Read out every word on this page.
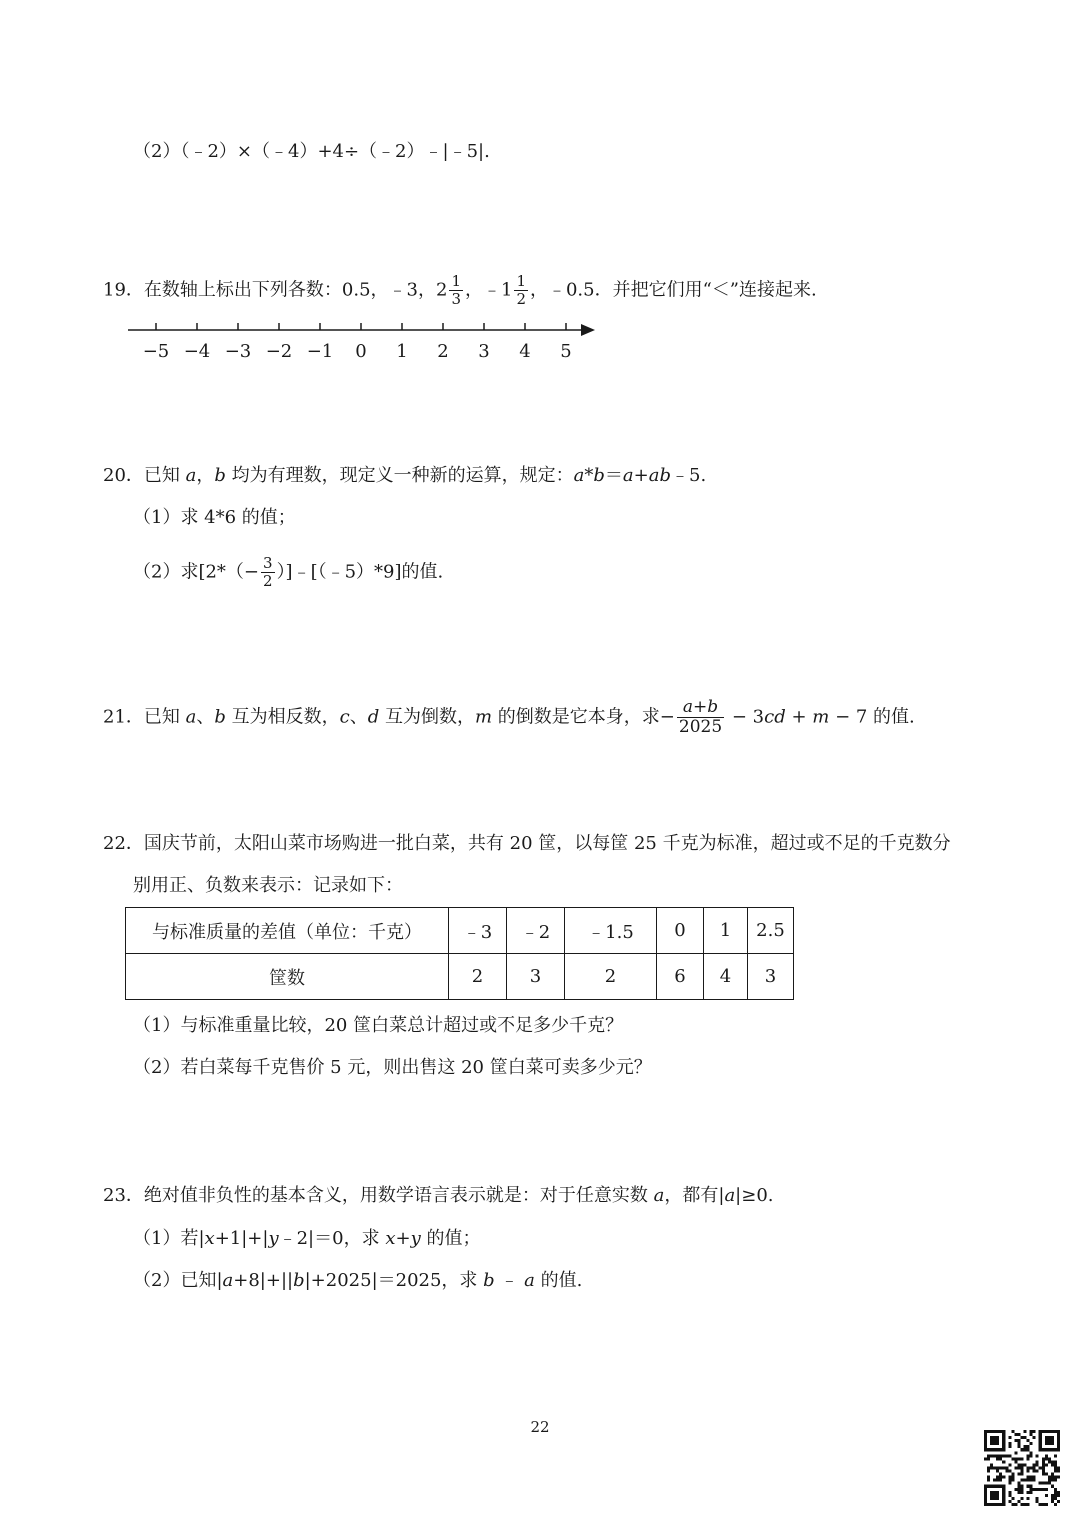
（2）（﹣2）×（﹣4）+4÷（﹣2）﹣|﹣5|.
19．在数轴上标出下列各数：0.5，﹣3，$2 \frac{1}{3}$ ，﹣1 $\frac{1}{2}$ ，﹣0.5．并把它们用“＜”连接起来.
−5 −4 −3 −2 −1 0 1 2 3 4 5
20．已知 a，b 均为有理数，现定义一种新的运算，规定：a*b＝a+ab﹣5.
（1）求 4*6 的值；
（2）求[$2*(- \frac{3}{2}$ ）]﹣[（﹣5）*9]的值.
21．已知 a、b 互为相反数，c、d 互为倒数，m 的倒数是它本身，求− $\frac{a+b}{2025} - 3cd + m - 7$ 的值.
22．国庆节前，太阳山菜市场购进一批白菜，共有 20 筐，以每筐 25 千克为标准，超过或不足的千克数分
别用正、负数来表示：记录如下：
与标准质量的差值（单位：千克）	﹣3	﹣2	﹣1.5	0	1	2.5
筐数	2	3	2	6	4	3
（1）与标准重量比较，20 筐白菜总计超过或不足多少千克？
（2）若白菜每千克售价 5 元，则出售这 20 筐白菜可卖多少元？
23．绝对值非负性的基本含义，用数学语言表示就是：对于任意实数 a，都有|a|≥0.
（1）若|x+1|+|y﹣2|＝0，求 x+y 的值；
（2）已知|a+8|+||b|+2025|＝2025，求 b ﹣ a 的值.
22
